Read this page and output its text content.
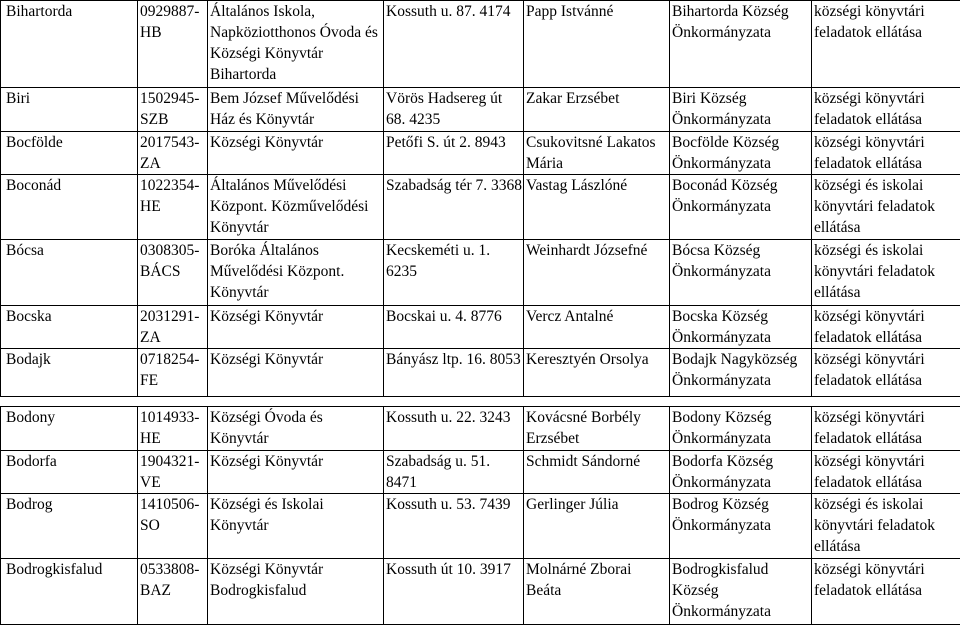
Bihartorda	0929887-HB	Általános Iskola, Napköziotthonos Óvoda és Községi Könyvtár Bihartorda	Kossuth u. 87. 4174	Papp Istvánné	Bihartorda Község Önkormányzata	községi könyvtári feladatok ellátása
Biri	1502945-SZB	Bem József Művelődési Ház és Könyvtár	Vörös Hadsereg út 68. 4235	Zakar Erzsébet	Biri Község Önkormányzata	községi könyvtári feladatok ellátása
Bocfölde	2017543-ZA	Községi Könyvtár	Petőfi S. út 2. 8943	Csukovitsné Lakatos Mária	Bocfölde Község Önkormányzata	községi könyvtári feladatok ellátása
Boconád	1022354-HE	Általános Művelődési Központ. Közművelődési Könyvtár	Szabadság tér 7. 3368	Vastag Lászlóné	Boconád Község Önkormányzata	községi és iskolai könyvtári feladatok ellátása
Bócsa	0308305-BÁCS	Boróka Általános Művelődési Központ. Könyvtár	Kecskeméti u. 1. 6235	Weinhardt Józsefné	Bócsa Község Önkormányzata	községi és iskolai könyvtári feladatok ellátása
Bocska	2031291-ZA	Községi Könyvtár	Bocskai u. 4. 8776	Vercz Antalné	Bocska Község Önkormányzata	községi könyvtári feladatok ellátása
Bodajk	0718254-FE	Községi Könyvtár	Bányász ltp. 16. 8053	Keresztyén Orsolya	Bodajk Nagyközség Önkormányzata	községi könyvtári feladatok ellátása
Bodony	1014933-HE	Községi Óvoda és Könyvtár	Kossuth u. 22. 3243	Kovácsné Borbély Erzsébet	Bodony Község Önkormányzata	községi könyvtári feladatok ellátása
Bodorfa	1904321-VE	Községi Könyvtár	Szabadság u. 51. 8471	Schmidt Sándorné	Bodorfa Község Önkormányzata	községi könyvtári feladatok ellátása
Bodrog	1410506-SO	Községi és Iskolai Könyvtár	Kossuth u. 53. 7439	Gerlinger Júlia	Bodrog Község Önkormányzata	községi és iskolai könyvtári feladatok ellátása
Bodrogkisfalud	0533808-BAZ	Községi Könyvtár Bodrogkisfalud	Kossuth út 10. 3917	Molnárné Zborai Beáta	Bodrogkisfalud Község Önkormányzata	községi könyvtári feladatok ellátása
